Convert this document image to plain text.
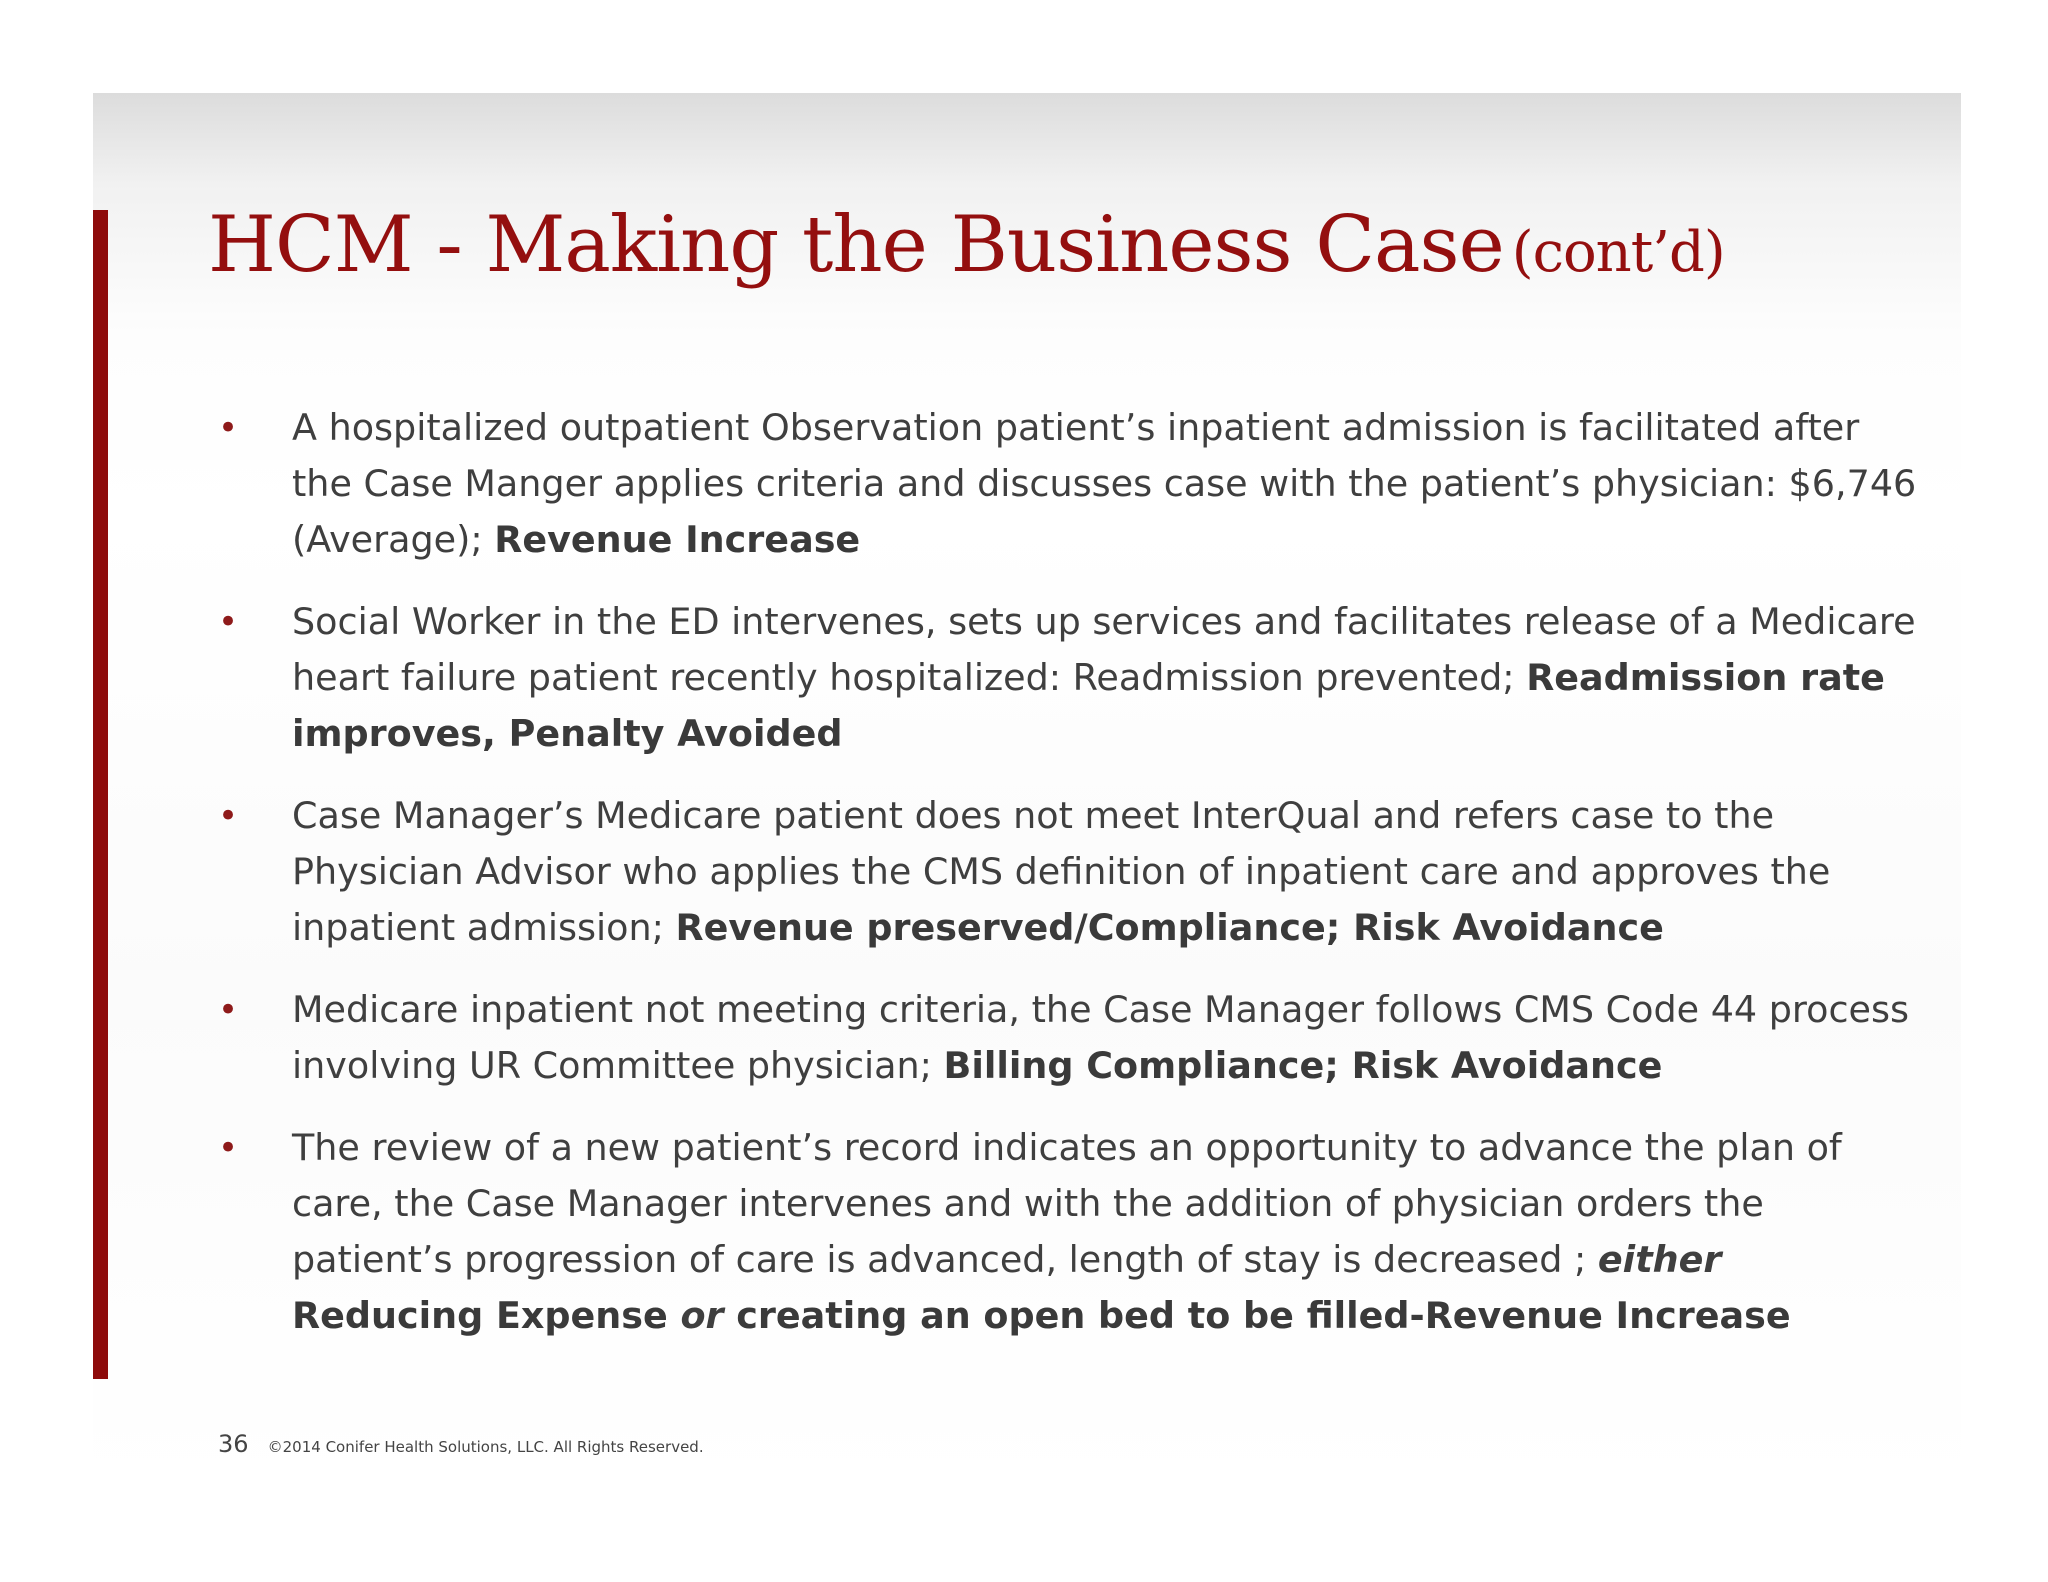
HCM - Making the Business Case (cont’d)
• A hospitalized outpatient Observation patient’s inpatient admission is facilitated after the Case Manger applies criteria and discusses case with the patient’s physician: $6,746 (Average); Revenue Increase
• Social Worker in the ED intervenes, sets up services and facilitates release of a Medicare heart failure patient recently hospitalized: Readmission prevented; Readmission rate improves, Penalty Avoided
• Case Manager’s Medicare patient does not meet InterQual and refers case to the Physician Advisor who applies the CMS definition of inpatient care and approves the inpatient admission; Revenue preserved/Compliance; Risk Avoidance
• Medicare inpatient not meeting criteria, the Case Manager follows CMS Code 44 process involving UR Committee physician; Billing Compliance; Risk Avoidance
• The review of a new patient’s record indicates an opportunity to advance the plan of care, the Case Manager intervenes and with the addition of physician orders the patient’s progression of care is advanced, length of stay is decreased ; either
Reducing Expense or creating an open bed to be filled-Revenue Increase
36 ©2014 Conifer Health Solutions, LLC. All Rights Reserved.
